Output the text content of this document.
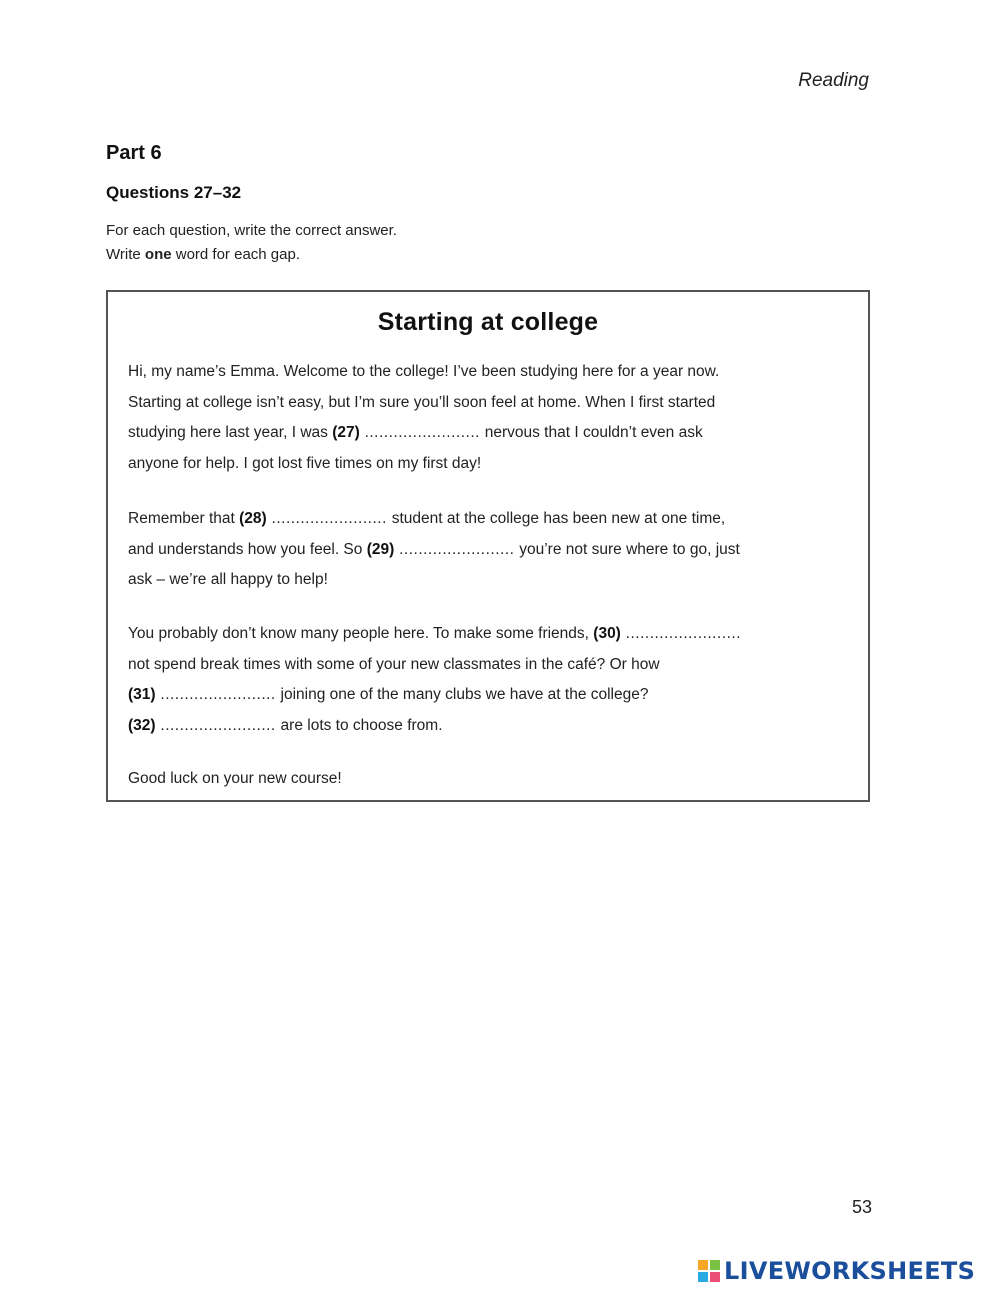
Reading
Part 6
Questions 27–32
For each question, write the correct answer.
Write one word for each gap.
Starting at college
Hi, my name’s Emma. Welcome to the college! I’ve been studying here for a year now.
Starting at college isn’t easy, but I’m sure you’ll soon feel at home. When I first started
studying here last year, I was (27) ........................ nervous that I couldn’t even ask
anyone for help. I got lost five times on my first day!
Remember that (28) ........................ student at the college has been new at one time,
and understands how you feel. So (29) ........................ you’re not sure where to go, just
ask – we’re all happy to help!
You probably don’t know many people here. To make some friends, (30) ........................
not spend break times with some of your new classmates in the café? Or how
(31) ........................ joining one of the many clubs we have at the college?
(32) ........................ are lots to choose from.
Good luck on your new course!
53
LIVEWORKSHEETS
